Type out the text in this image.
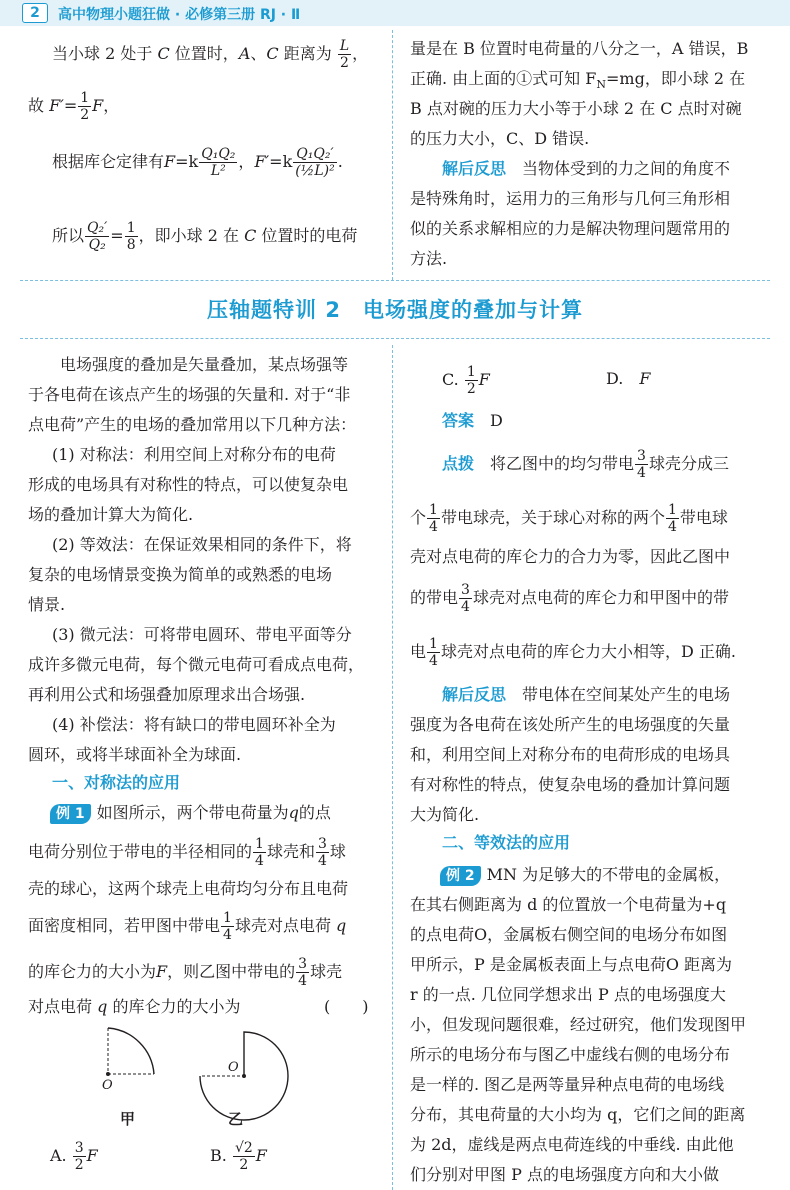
2	高中物理小题狂做 · 必修第三册 RJ · Ⅱ
当小球 2 处于 C 位置时，A、C 距离为 $\frac{L}{2}$ ，
故 $F'= \frac{1}{2}$ F，
根据库仑定律有$F=k \frac{\text{Q₁Q₂}}{\text{L²}}$ ，$F'=k \frac{\text{Q₁Q₂′}}{\text{(½L)²}}$ .
所以 $\frac{\text{Q₂′}}{\text{Q₂}} = \frac{1}{8}$ ，即小球 2 在 C 位置时的电荷
量是在 B 位置时电荷量的八分之一，A 错误，B
正确. 由上面的①式可知 $F_N=mg$，即小球 2 在
B 点对碗的压力大小等于小球 2 在 C 点时对碗
的压力大小，C、D 错误.
解后反思　 当物体受到的力之间的角度不
是特殊角时，运用力的三角形与几何三角形相
似的关系求解相应的力是解决物理问题常用的
方法.
压轴题特训 2　电场强度的叠加与计算
电场强度的叠加是矢量叠加，某点场强等
于各电荷在该点产生的场强的矢量和. 对于“非
点电荷”产生的电场的叠加常用以下几种方法：
(1) 对称法：利用空间上对称分布的电荷
形成的电场具有对称性的特点，可以使复杂电
场的叠加计算大为简化.
(2) 等效法：在保证效果相同的条件下，将
复杂的电场情景变换为简单的或熟悉的电场
情景.
(3) 微元法：可将带电圆环、带电平面等分
成许多微元电荷，每个微元电荷可看成点电荷，
再利用公式和场强叠加原理求出合场强.
(4) 补偿法：将有缺口的带电圆环补全为
圆环，或将半球面补全为球面.
一、对称法的应用
例 1 如图所示，两个带电荷量为q的点
电荷分别位于带电的半径相同的 $\frac{1}{4}$ 球壳和 $\frac{3}{4}$ 球
壳的球心，这两个球壳上电荷均匀分布且电荷
面密度相同，若甲图中带电 $\frac{1}{4}$ 球壳对点电荷 q
的库仑力的大小为F，则乙图中带电的 $\frac{3}{4}$ 球壳
对点电荷 q 的库仑力的大小为	(　　)
O
甲
O
乙
A. $\frac{3}{2}$ F	B. $\frac{√2}{2}$ F
C. $\frac{1}{2}$ F	D.　 F
答案　 D
点拨　 将乙图中的均匀带电 $\frac{3}{4}$ 球壳分成三
个 $\frac{1}{4}$ 带电球壳，关于球心对称的两个 $\frac{1}{4}$ 带电球
壳对点电荷的库仑力的合力为零，因此乙图中
的带电 $\frac{3}{4}$ 球壳对点电荷的库仑力和甲图中的带
电 $\frac{1}{4}$ 球壳对点电荷的库仑力大小相等，D 正确.
解后反思　 带电体在空间某处产生的电场
强度为各电荷在该处所产生的电场强度的矢量
和，利用空间上对称分布的电荷形成的电场具
有对称性的特点，使复杂电场的叠加计算问题
大为简化.
二、等效法的应用
例 2 MN 为足够大的不带电的金属板，
在其右侧距离为 d 的位置放一个电荷量为+q
的点电荷O，金属板右侧空间的电场分布如图
甲所示，P 是金属板表面上与点电荷O 距离为
r 的一点. 几位同学想求出 P 点的电场强度大
小，但发现问题很难，经过研究，他们发现图甲
所示的电场分布与图乙中虚线右侧的电场分布
是一样的. 图乙是两等量异种点电荷的电场线
分布，其电荷量的大小均为 q，它们之间的距离
为 2d，虚线是两点电荷连线的中垂线. 由此他
们分别对甲图 P 点的电场强度方向和大小做
